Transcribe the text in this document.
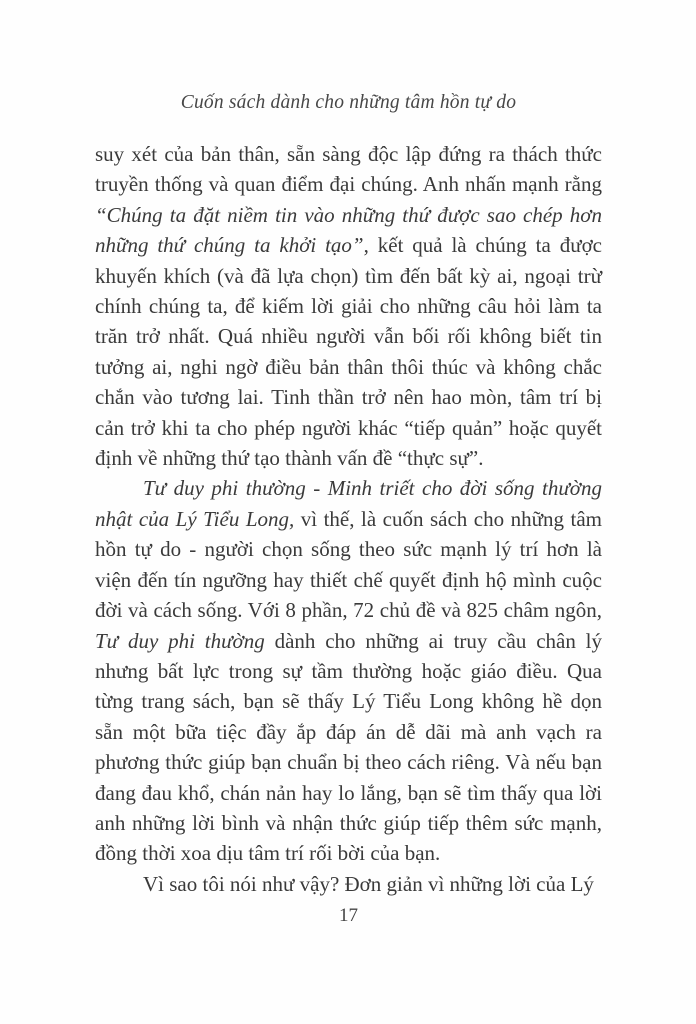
Cuốn sách dành cho những tâm hồn tự do

suy xét của bản thân, sẵn sàng độc lập đứng ra thách thức truyền thống và quan điểm đại chúng. Anh nhấn mạnh rằng “Chúng ta đặt niềm tin vào những thứ được sao chép hơn những thứ chúng ta khởi tạo”, kết quả là chúng ta được khuyến khích (và đã lựa chọn) tìm đến bất kỳ ai, ngoại trừ chính chúng ta, để kiếm lời giải cho những câu hỏi làm ta trăn trở nhất. Quá nhiều người vẫn bối rối không biết tin tưởng ai, nghi ngờ điều bản thân thôi thúc và không chắc chắn vào tương lai. Tinh thần trở nên hao mòn, tâm trí bị cản trở khi ta cho phép người khác “tiếp quản” hoặc quyết định về những thứ tạo thành vấn đề “thực sự”.

Tư duy phi thường - Minh triết cho đời sống thường nhật của Lý Tiểu Long, vì thế, là cuốn sách cho những tâm hồn tự do - người chọn sống theo sức mạnh lý trí hơn là viện đến tín ngưỡng hay thiết chế quyết định hộ mình cuộc đời và cách sống. Với 8 phần, 72 chủ đề và 825 châm ngôn, Tư duy phi thường dành cho những ai truy cầu chân lý nhưng bất lực trong sự tầm thường hoặc giáo điều. Qua từng trang sách, bạn sẽ thấy Lý Tiểu Long không hề dọn sẵn một bữa tiệc đầy ắp đáp án dễ dãi mà anh vạch ra phương thức giúp bạn chuẩn bị theo cách riêng. Và nếu bạn đang đau khổ, chán nản hay lo lắng, bạn sẽ tìm thấy qua lời anh những lời bình và nhận thức giúp tiếp thêm sức mạnh, đồng thời xoa dịu tâm trí rối bời của bạn.

Vì sao tôi nói như vậy? Đơn giản vì những lời của Lý

17
